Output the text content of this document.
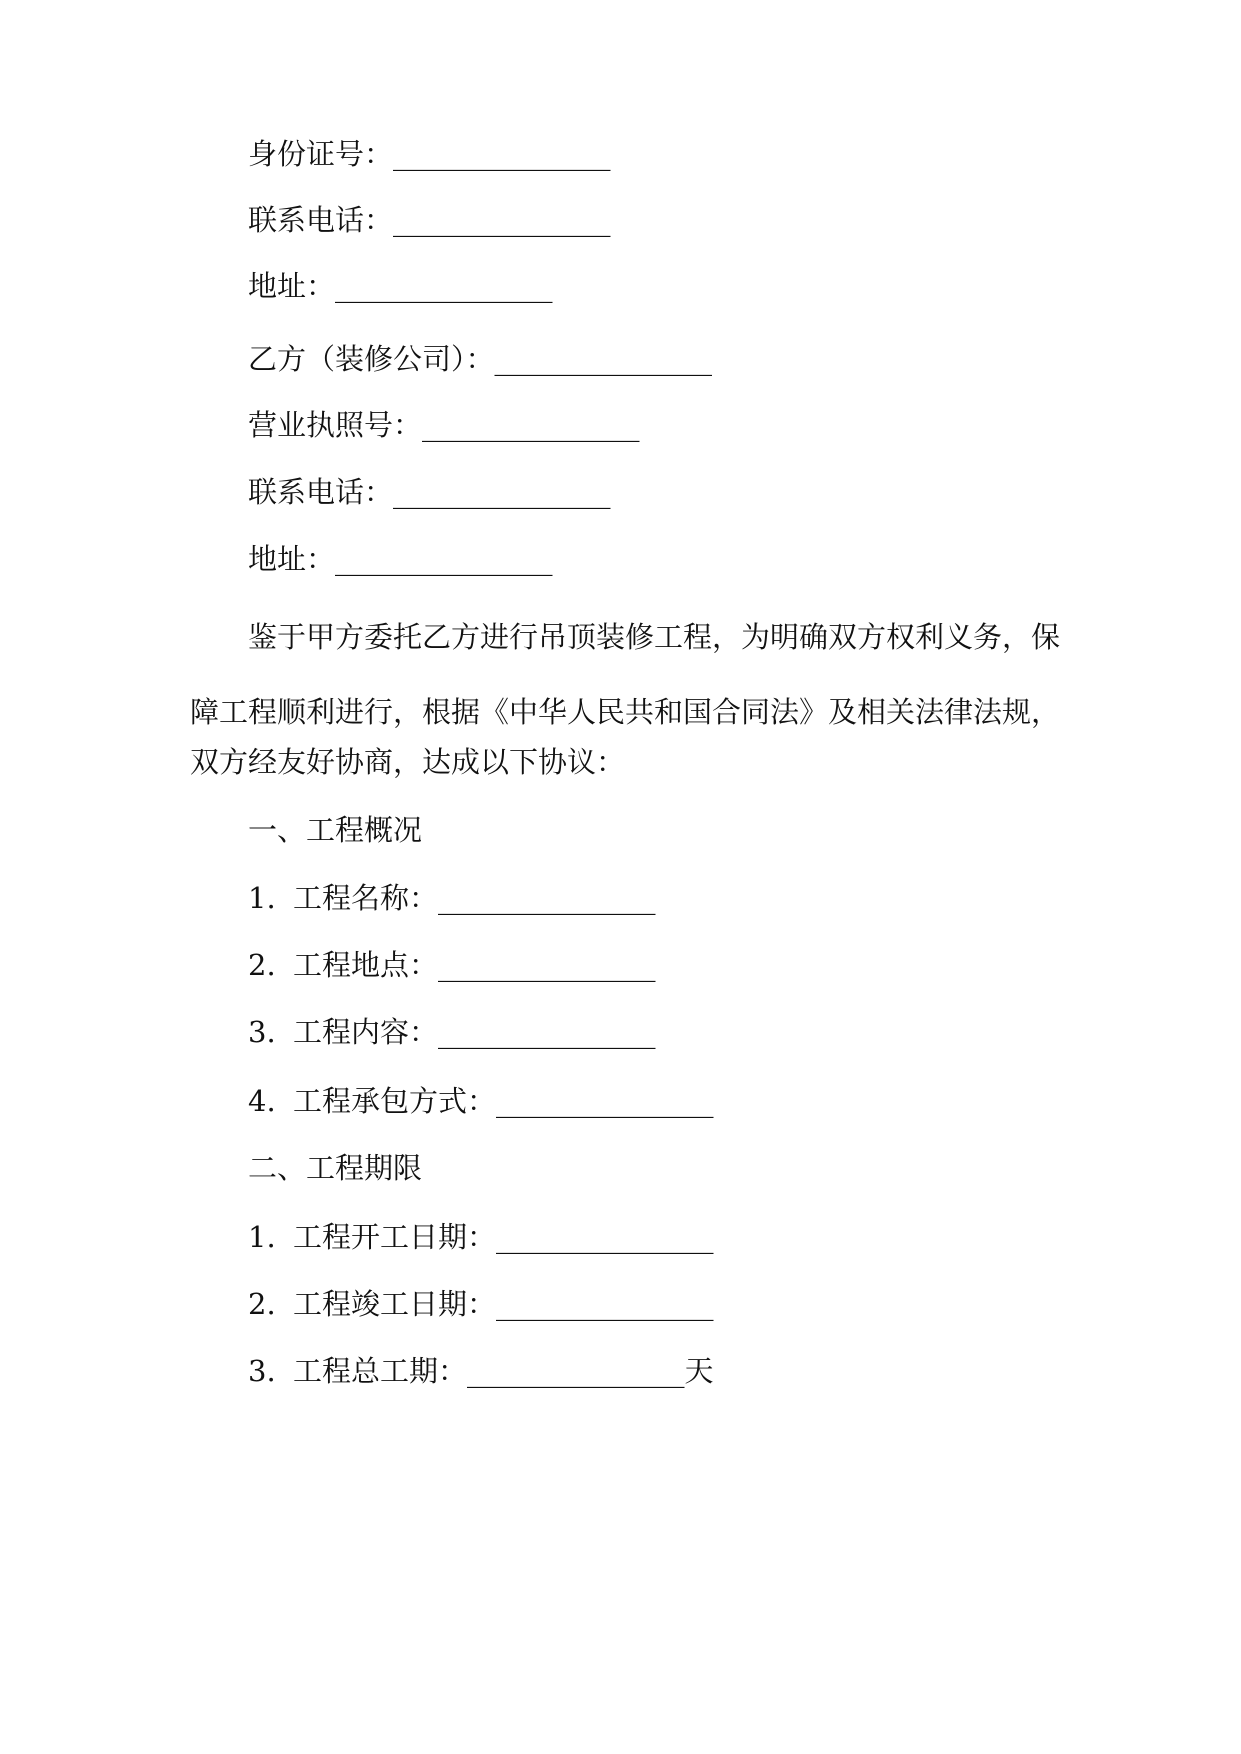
身份证号：_______________
联系电话：_______________
地址：_______________
乙方（装修公司）：_______________
营业执照号：_______________
联系电话：_______________
地址：_______________
鉴于甲方委托乙方进行吊顶装修工程，为明确双方权利义务，保障工程顺利进行，根据《中华人民共和国合同法》及相关法律法规，
双方经友好协商，达成以下协议：
一、工程概况
1. 工程名称：_______________
2. 工程地点：_______________
3. 工程内容：_______________
4. 工程承包方式：_______________
二、工程期限
1. 工程开工日期：_______________
2. 工程竣工日期：_______________
3. 工程总工期：_______________天
